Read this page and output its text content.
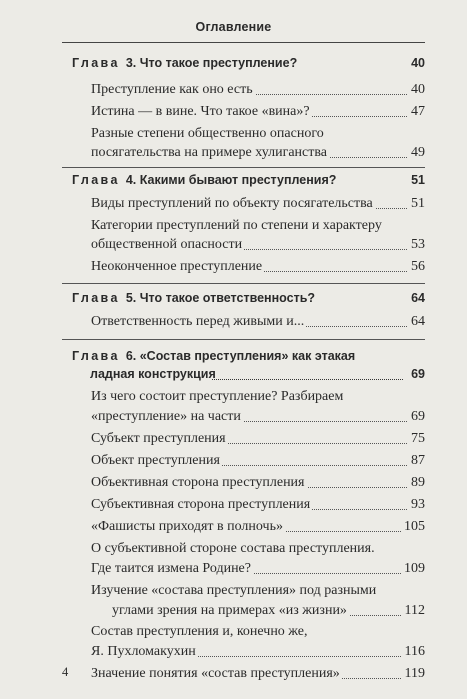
Оглавление
Глава 3. Что такое преступление?	40
Преступление как оно есть	40
Истина — в вине. Что такое «вина»?	47
Разные степени общественно опасного
посягательства на примере хулиганства	49
Глава 4. Какими бывают преступления?	51
Виды преступлений по объекту посягательства	51
Категории преступлений по степени и характеру
общественной опасности	53
Неоконченное преступление	56
Глава 5. Что такое ответственность?	64
Ответственность перед живыми и...	64
Глава 6. «Состав преступления» как этакая
ладная конструкция	69
Из чего состоит преступление? Разбираем
«преступление» на части	69
Субъект преступления	75
Объект преступления	87
Объективная сторона преступления	89
Субъективная сторона преступления	93
«Фашисты приходят в полночь»	105
О субъективной стороне состава преступления.
Где таится измена Родине?	109
Изучение «состава преступления» под разными
углами зрения на примерах «из жизни»	112
Состав преступления и, конечно же,
Я. Пухломакухин	116
Значение понятия «состав преступления»	119
4
